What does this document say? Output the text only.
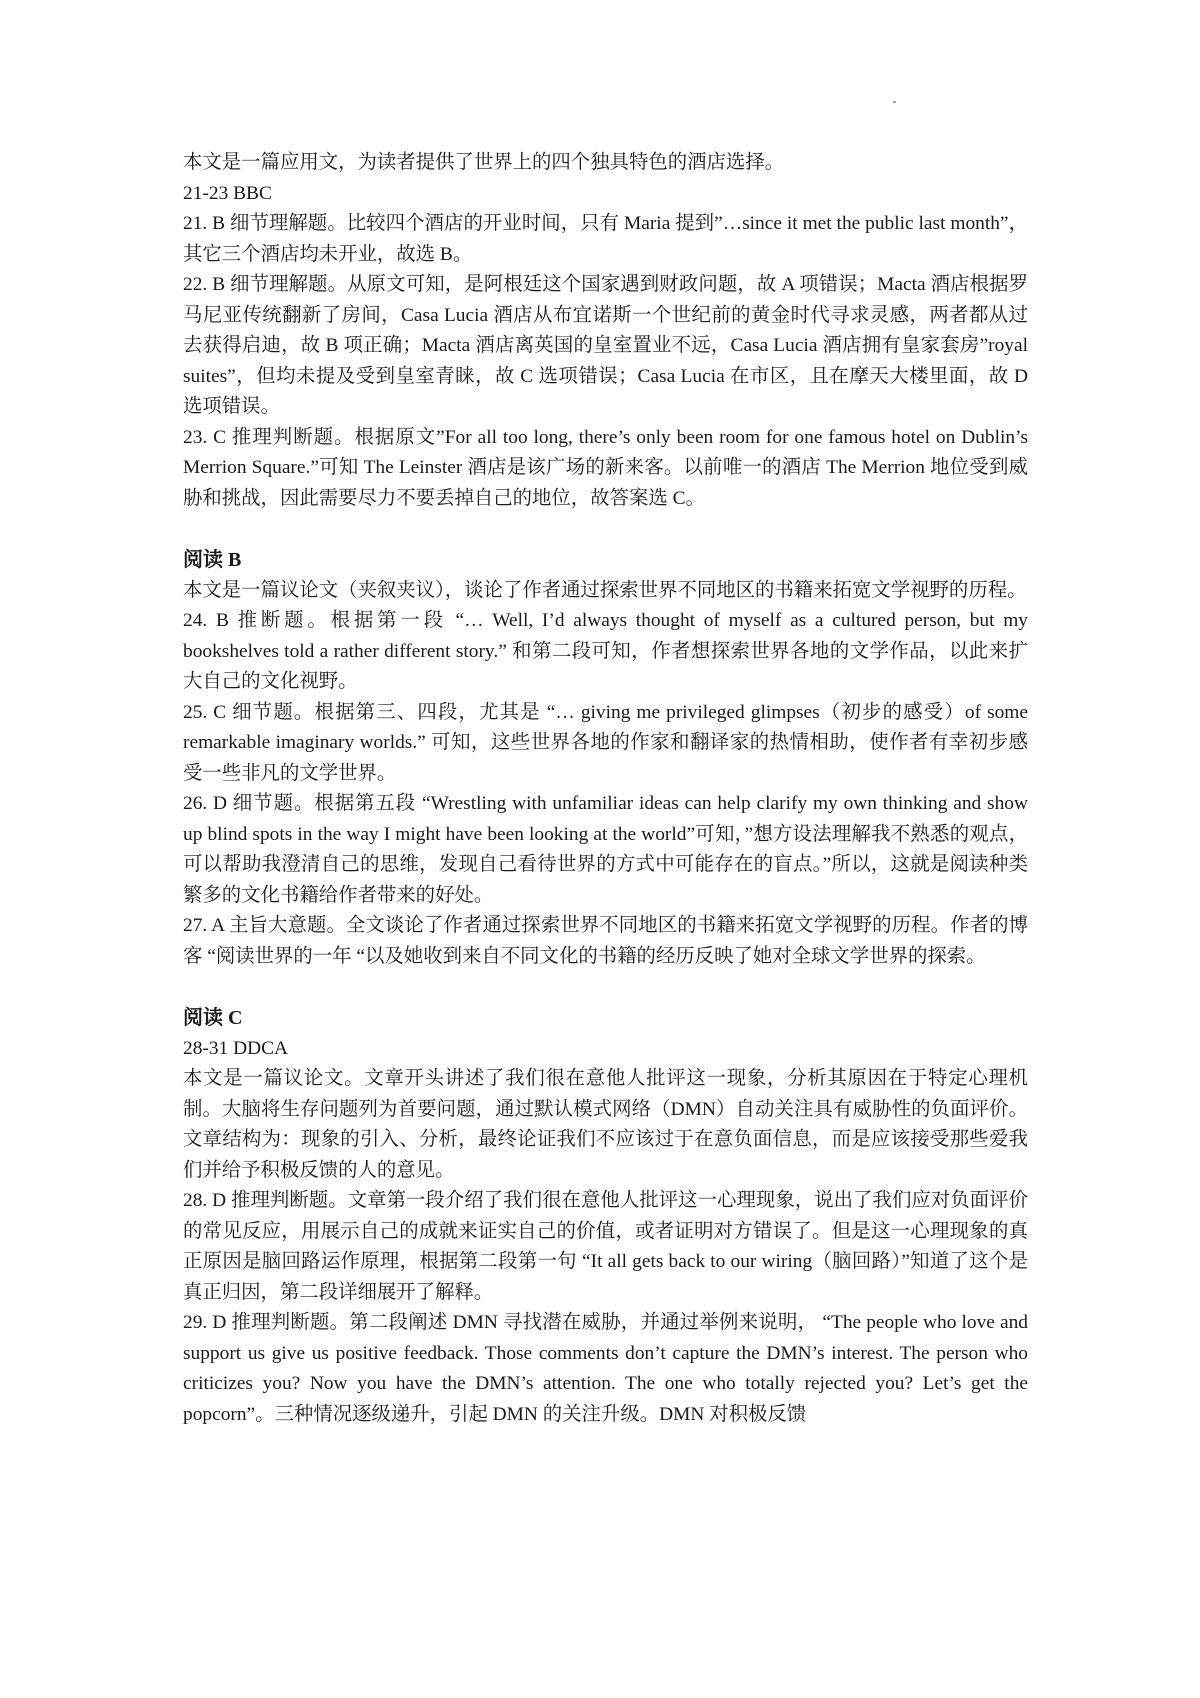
本文是一篇应用文，为读者提供了世界上的四个独具特色的酒店选择。

21-23 BBC

21. B 细节理解题。比较四个酒店的开业时间，只有 Maria 提到”…since it met the public last month”，其它三个酒店均未开业，故选 B。

22. B 细节理解题。从原文可知，是阿根廷这个国家遇到财政问题，故 A 项错误；Macta 酒店根据罗马尼亚传统翻新了房间，Casa Lucia 酒店从布宜诺斯一个世纪前的黄金时代寻求灵感，两者都从过去获得启迪，故 B 项正确；Macta 酒店离英国的皇室置业不远，Casa Lucia 酒店拥有皇家套房”royal suites”，但均未提及受到皇室青睐，故 C 选项错误；Casa Lucia 在市区，且在摩天大楼里面，故 D 选项错误。

23. C 推理判断题。根据原文”For all too long, there’s only been room for one famous hotel on Dublin’s Merrion Square.”可知 The Leinster 酒店是该广场的新来客。以前唯一的酒店 The Merrion 地位受到威胁和挑战，因此需要尽力不要丢掉自己的地位，故答案选 C。

阅读 B

本文是一篇议论文（夹叙夹议），谈论了作者通过探索世界不同地区的书籍来拓宽文学视野的历程。

24. B 推断题。根据第一段 “… Well, I’d always thought of myself as a cultured person, but my bookshelves told a rather different story.” 和第二段可知，作者想探索世界各地的文学作品，以此来扩大自己的文化视野。

25. C 细节题。根据第三、四段，尤其是 “… giving me privileged glimpses（初步的感受）of some remarkable imaginary worlds.” 可知，这些世界各地的作家和翻译家的热情相助，使作者有幸初步感受一些非凡的文学世界。

26. D 细节题。根据第五段 “Wrestling with unfamiliar ideas can help clarify my own thinking and show up blind spots in the way I might have been looking at the world”可知，”想方设法理解我不熟悉的观点，可以帮助我澄清自己的思维，发现自己看待世界的方式中可能存在的盲点。”所以，这就是阅读种类繁多的文化书籍给作者带来的好处。

27. A 主旨大意题。全文谈论了作者通过探索世界不同地区的书籍来拓宽文学视野的历程。作者的博客 “阅读世界的一年 “以及她收到来自不同文化的书籍的经历反映了她对全球文学世界的探索。

阅读 C

28-31 DDCA

本文是一篇议论文。文章开头讲述了我们很在意他人批评这一现象，分析其原因在于特定心理机制。大脑将生存问题列为首要问题，通过默认模式网络（DMN）自动关注具有威胁性的负面评价。文章结构为：现象的引入、分析，最终论证我们不应该过于在意负面信息，而是应该接受那些爱我们并给予积极反馈的人的意见。

28. D 推理判断题。文章第一段介绍了我们很在意他人批评这一心理现象，说出了我们应对负面评价的常见反应，用展示自己的成就来证实自己的价值，或者证明对方错误了。但是这一心理现象的真正原因是脑回路运作原理，根据第二段第一句 “It all gets back to our wiring（脑回路）”知道了这个是真正归因，第二段详细展开了解释。

29. D 推理判断题。第二段阐述 DMN 寻找潜在威胁，并通过举例来说明， “The people who love and support us give us positive feedback. Those comments don’t capture the DMN’s interest. The person who criticizes you? Now you have the DMN’s attention. The one who totally rejected you? Let’s get the popcorn”。三种情况逐级递升，引起 DMN 的关注升级。DMN 对积极反馈
